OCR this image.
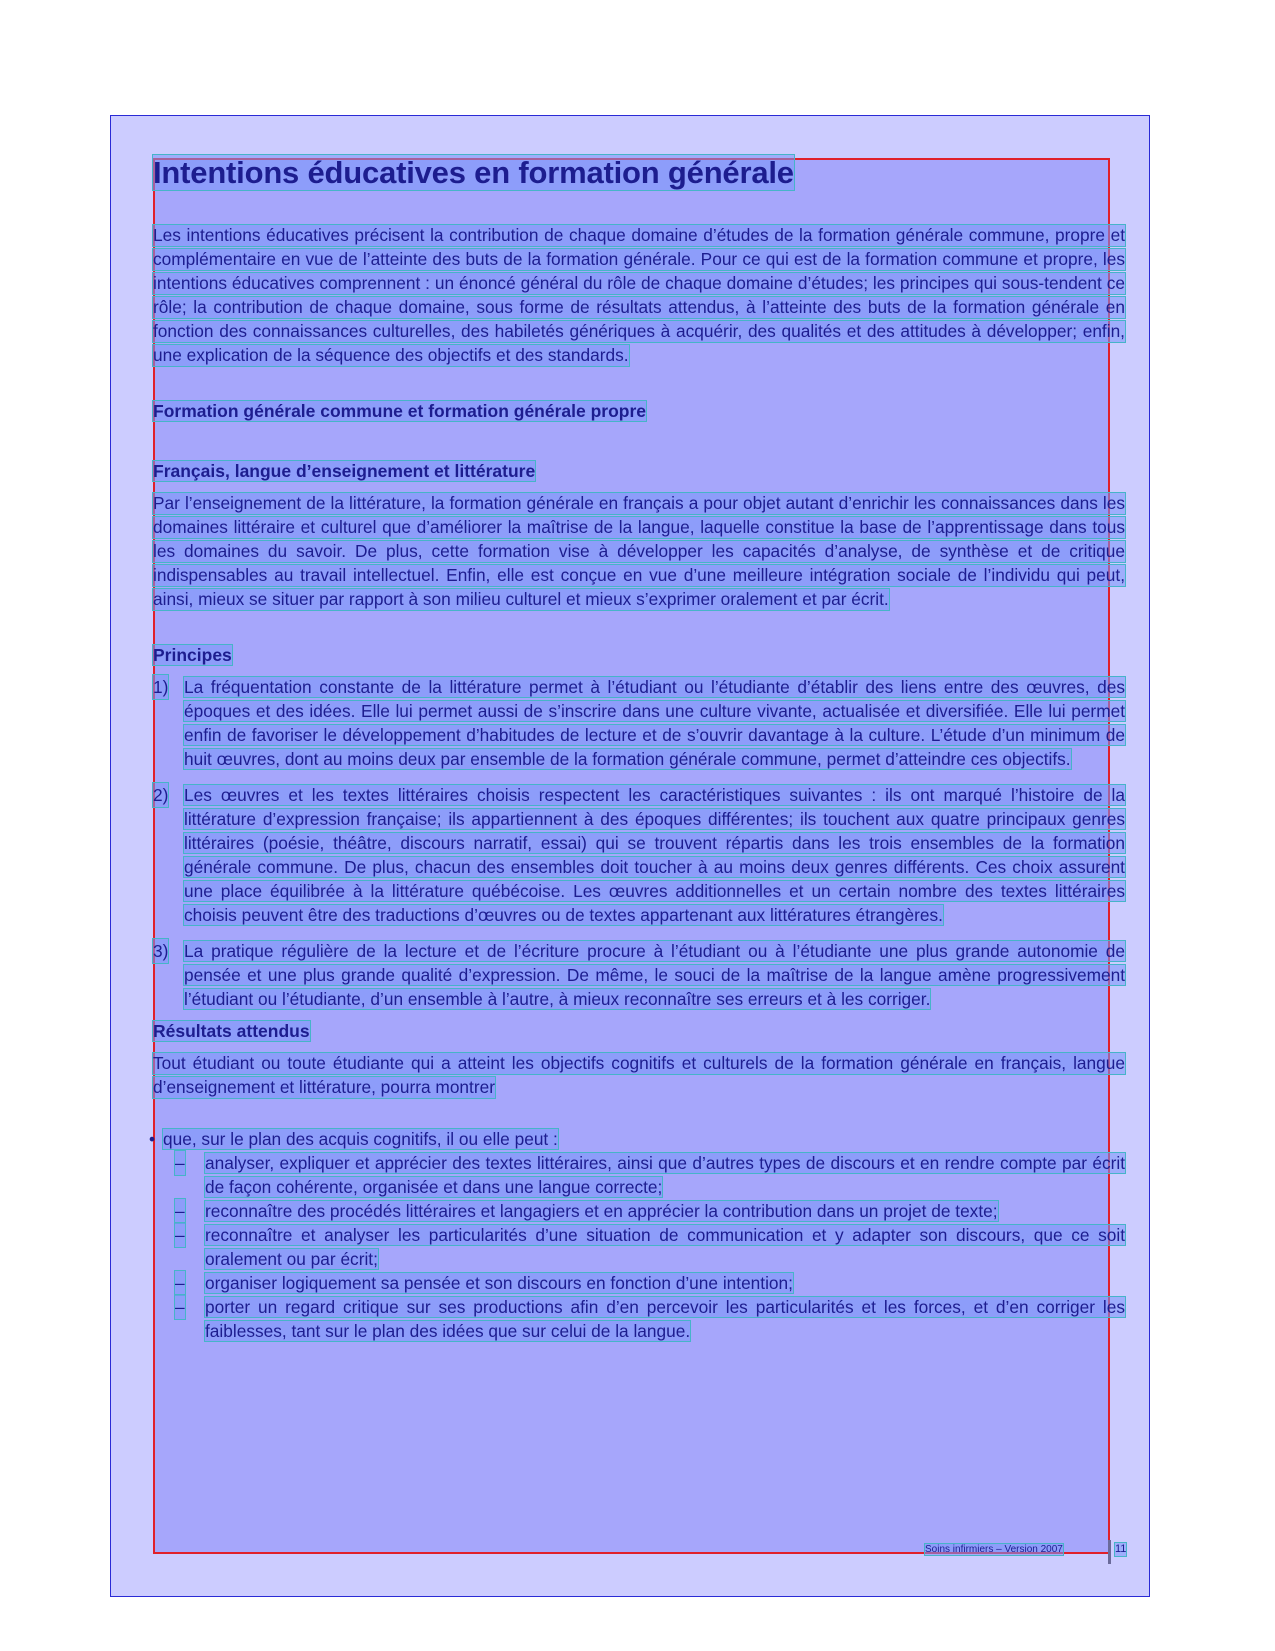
Intentions éducatives en formation générale

Les intentions éducatives précisent la contribution de chaque domaine d’études de la formation générale commune, propre et complémentaire en vue de l’atteinte des buts de la formation générale. Pour ce qui est de la formation commune et propre, les intentions éducatives comprennent : un énoncé général du rôle de chaque domaine d’études; les principes qui sous-tendent ce rôle; la contribution de chaque domaine, sous forme de résultats attendus, à l’atteinte des buts de la formation générale en fonction des connaissances culturelles, des habiletés génériques à acquérir, des qualités et des attitudes à développer; enfin, une explication de la séquence des objectifs et des standards.

Formation générale commune et formation générale propre
Français, langue d’enseignement et littérature

Par l’enseignement de la littérature, la formation générale en français a pour objet autant d’enrichir les connaissances dans les domaines littéraire et culturel que d’améliorer la maîtrise de la langue, laquelle constitue la base de l’apprentissage dans tous les domaines du savoir. De plus, cette formation vise à développer les capacités d’analyse, de synthèse et de critique indispensables au travail intellectuel. Enfin, elle est conçue en vue d’une meilleure intégration sociale de l’individu qui peut, ainsi, mieux se situer par rapport à son milieu culturel et mieux s’exprimer oralement et par écrit.

Principes
1) La fréquentation constante de la littérature permet à l’étudiant ou l’étudiante d’établir des liens entre des œuvres, des époques et des idées. Elle lui permet aussi de s’inscrire dans une culture vivante, actualisée et diversifiée. Elle lui permet enfin de favoriser le développement d’habitudes de lecture et de s’ouvrir davantage à la culture. L’étude d’un minimum de huit œuvres, dont au moins deux par ensemble de la formation générale commune, permet d’atteindre ces objectifs.
2) Les œuvres et les textes littéraires choisis respectent les caractéristiques suivantes : ils ont marqué l’histoire de la littérature d’expression française; ils appartiennent à des époques différentes; ils touchent aux quatre principaux genres littéraires (poésie, théâtre, discours narratif, essai) qui se trouvent répartis dans les trois ensembles de la formation générale commune. De plus, chacun des ensembles doit toucher à au moins deux genres différents. Ces choix assurent une place équilibrée à la littérature québécoise. Les œuvres additionnelles et un certain nombre des textes littéraires choisis peuvent être des traductions d’œuvres ou de textes appartenant aux littératures étrangères.
3) La pratique régulière de la lecture et de l’écriture procure à l’étudiant ou à l’étudiante une plus grande autonomie de pensée et une plus grande qualité d’expression. De même, le souci de la maîtrise de la langue amène progressivement l’étudiant ou l’étudiante, d’un ensemble à l’autre, à mieux reconnaître ses erreurs et à les corriger.
Résultats attendus

Tout étudiant ou toute étudiante qui a atteint les objectifs cognitifs et culturels de la formation générale en français, langue d’enseignement et littérature, pourra montrer

• que, sur le plan des acquis cognitifs, il ou elle peut :
– analyser, expliquer et apprécier des textes littéraires, ainsi que d’autres types de discours et en rendre compte par écrit de façon cohérente, organisée et dans une langue correcte;
– reconnaître des procédés littéraires et langagiers et en apprécier la contribution dans un projet de texte;
– reconnaître et analyser les particularités d’une situation de communication et y adapter son discours, que ce soit oralement ou par écrit;
– organiser logiquement sa pensée et son discours en fonction d’une intention;
– porter un regard critique sur ses productions afin d’en percevoir les particularités et les forces, et d’en corriger les faiblesses, tant sur le plan des idées que sur celui de la langue.
Soins infirmiers – Version 2007	11
